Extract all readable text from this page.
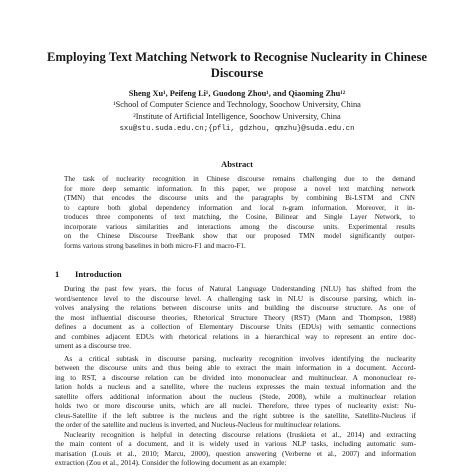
Employing Text Matching Network to Recognise Nuclearity in Chinese
Discourse
Sheng Xu¹, Peifeng Li¹, Guodong Zhou¹, and Qiaoming Zhu¹²
¹School of Computer Science and Technology, Soochow University, China
²Institute of Artificial Intelligence, Soochow University, China
sxu@stu.suda.edu.cn;{pfli, gdzhou, qmzhu}@suda.edu.cn
Abstract
The task of nuclearity recognition in Chinese discourse remains challenging due to the demand
for more deep semantic information. In this paper, we propose a novel text matching network
(TMN) that encodes the discourse units and the paragraphs by combining Bi-LSTM and CNN
to capture both global dependency information and local n-gram information. Moreover, it in-
troduces three components of text matching, the Cosine, Bilinear and Single Layer Network, to
incorporate various similarities and interactions among the discourse units. Experimental results
on the Chinese Discourse TreeBank show that our proposed TMN model significantly outper-
forms various strong baselines in both micro-F1 and macro-F1.
1 Introduction
During the past few years, the focus of Natural Language Understanding (NLU) has shifted from the
word/sentence level to the discourse level. A challenging task in NLU is discourse parsing, which in-
volves analysing the relations between discourse units and building the discourse structure. As one of
the most influential discourse theories, Rhetorical Structure Theory (RST) (Mann and Thompson, 1988)
defines a document as a collection of Elementary Discourse Units (EDUs) with semantic connections
and combines adjacent EDUs with rhetorical relations in a hierarchical way to represent an entire doc-
ument as a discourse tree.
As a critical subtask in discourse parsing, nuclearity recognition involves identifying the nuclearity
between the discourse units and thus being able to extract the main information in a document. Accord-
ing to RST, a discourse relation can be divided into mononuclear and multinuclear. A mononuclear re-
lation holds a nucleus and a satellite, where the nucleus expresses the main textual information and the
satellite offers additional information about the nucleus (Stede, 2008), while a multinuclear relation
holds two or more discourse units, which are all nuclei. Therefore, three types of nuclearity exist: Nu-
cleus-Satellite if the left subtree is the nucleus and the right subtree is the satellite, Satellite-Nucleus if
the order of the satellite and nucleus is inverted, and Nucleus-Nucleus for multinuclear relations.
Nuclearity recognition is helpful in detecting discourse relations (Iruskieta et al., 2014) and extracting
the main content of a document, and it is widely used in various NLP tasks, including automatic sum-
marisation (Louis et al., 2010; Marcu, 2000), question answering (Verberne et al., 2007) and information
extraction (Zou et al., 2014). Consider the following document as an example:
